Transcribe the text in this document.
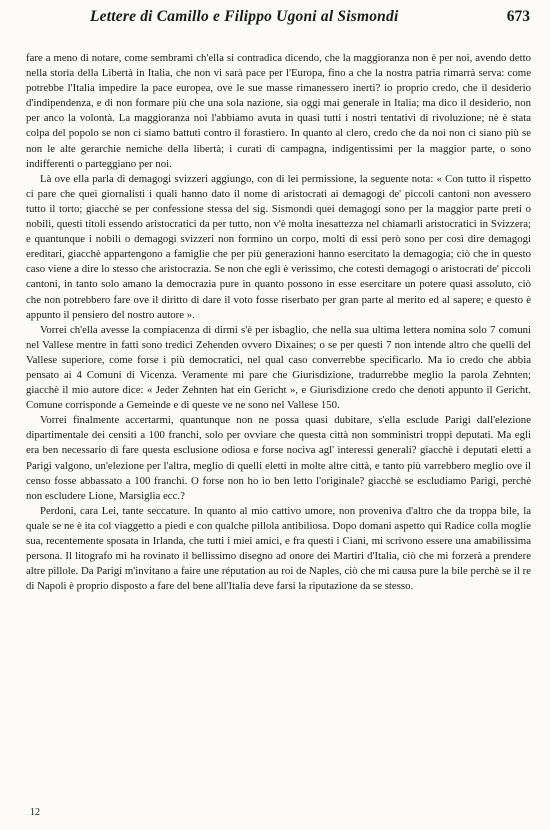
Lettere di Camillo e Filippo Ugoni al Sismondi	673

fare a meno di notare, come sembrami ch'ella si contradica dicendo, che la maggioranza non è per noi, avendo detto nella storia della Libertà in Italia, che non vi sarà pace per l'Europa, fino a che la nostra patria rimarrà serva: come potrebbe l'Italia impedire la pace europea, ove le sue masse rimanessero inerti? io proprio credo, che il desiderio d'indipendenza, e di non formare più che una sola nazione, sia oggi mai generale in Italia; ma dico il desiderio, non per anco la volontà. La maggioranza noi l'abbiamo avuta in quasi tutti i nostri tentativi di rivoluzione; nè è stata colpa del popolo se non ci siamo battuti contro il forastiero. In quanto al clero, credo che da noi non ci siano più se non le alte gerarchie nemiche della libertà; i curati di campagna, indigentissimi per la maggior parte, o sono indifferenti o parteggiano per noi.

Là ove ella parla di demagogi svizzeri aggiungo, con di lei permissione, la seguente nota: « Con tutto il rispetto ci pare che quei giornalisti i quali hanno dato il nome di aristocrati ai demagogi de' piccoli cantoni non avessero tutto il torto; giacchè se per confessione stessa del sig. Sismondi quei demagogi sono per la maggior parte preti o nobili, questi titoli essendo aristocratici da per tutto, non v'è molta inesattezza nel chiamarli aristocratici in Svizzera; e quantunque i nobili o demagogi svizzeri non formino un corpo, molti di essi però sono per così dire demagogi ereditari, giacchè appartengono a famiglie che per più generazioni hanno esercitato la demagogia; ciò che in questo caso viene a dire lo stesso che aristocrazia. Se non che egli è verissimo, che cotesti demagogi o aristocrati de' piccoli cantoni, in tanto solo amano la democrazia pure in quanto possono in esse esercitare un potere quasi assoluto, ciò che non potrebbero fare ove il diritto di dare il voto fosse riserbato per gran parte al merito ed al sapere; e questo è appunto il pensiero del nostro autore ».

Vorrei ch'ella avesse la compiacenza di dirmi s'è per isbaglio, che nella sua ultima lettera nomina solo 7 comuni nel Vallese mentre in fatti sono tredici Zehenden ovvero Dixaines; o se per questi 7 non intende altro che quelli del Vallese superiore, come forse i più democratici, nel qual caso converrebbe specificarlo. Ma io credo che abbia pensato ai 4 Comuni di Vicenza. Veramente mi pare che Giurisdizione, tradurrebbe meglio la parola Zehnten; giacchè il mio autore dice: « Jeder Zehnten hat ein Gericht », e Giurisdizione credo che denoti appunto il Gericht. Comune corrisponde a Gemeinde e di queste ve ne sono nel Vallese 150.

Vorrei finalmente accertarmi, quantunque non ne possa quasi dubitare, s'ella esclude Parigi dall'elezione dipartimentale dei censiti a 100 franchi, solo per ovviare che questa città non somministri troppi deputati. Ma egli era ben necessario di fare questa esclusione odiosa e forse nociva agl' interessi generali? giacchè i deputati eletti a Parigi valgono, un'elezione per l'altra, meglio di quelli eletti in molte altre città, e tanto più varrebbero meglio ove il censo fosse abbassato a 100 franchi. O forse non ho io ben letto l'originale? giacchè se escludiamo Parigi, perchè non escludere Lione, Marsiglia ecc.?

Perdoni, cara Lei, tante seccature. In quanto al mio cattivo umore, non proveniva d'altro che da troppa bile, la quale se ne è ita col viaggetto a piedi e con qualche pillola antibiliosa. Dopo domani aspetto qui Radice colla moglie sua, recentemente sposata in Irlanda, che tutti i miei amici, e fra questi i Ciani, mi scrivono essere una amabilissima persona. Il litografo mi ha rovinato il bellissimo disegno ad onore dei Martiri d'Italia, ciò che mi forzerà a prendere altre pillole. Da Parigi m'invitano a faire une réputation au roi de Naples, ciò che mi causa pure la bile perchè se il re di Napoli è proprio disposto a fare del bene all'Italia deve farsi la riputazione da se stesso.

12
